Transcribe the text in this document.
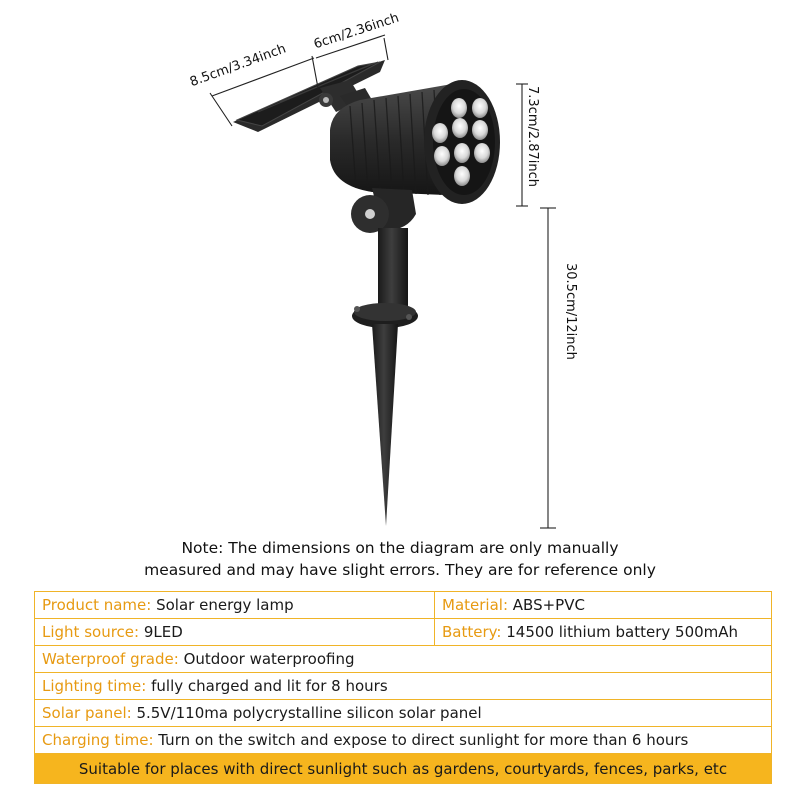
8.5cm/3.34inch
6cm/2.36inch
7.3cm/2.87inch
30.5cm/12inch
Note: The dimensions on the diagram are only manually
measured and may have slight errors. They are for reference only
Product name: Solar energy lamp	Material: ABS+PVC
Light source: 9LED	Battery: 14500 lithium battery 500mAh
Waterproof grade: Outdoor waterproofing	
Lighting time: fully charged and lit for 8 hours	
Solar panel: 5.5V/110ma polycrystalline silicon solar panel	
Charging time: Turn on the switch and expose to direct sunlight for more than 6 hours	
Suitable for places with direct sunlight such as gardens, courtyards, fences, parks, etc	
